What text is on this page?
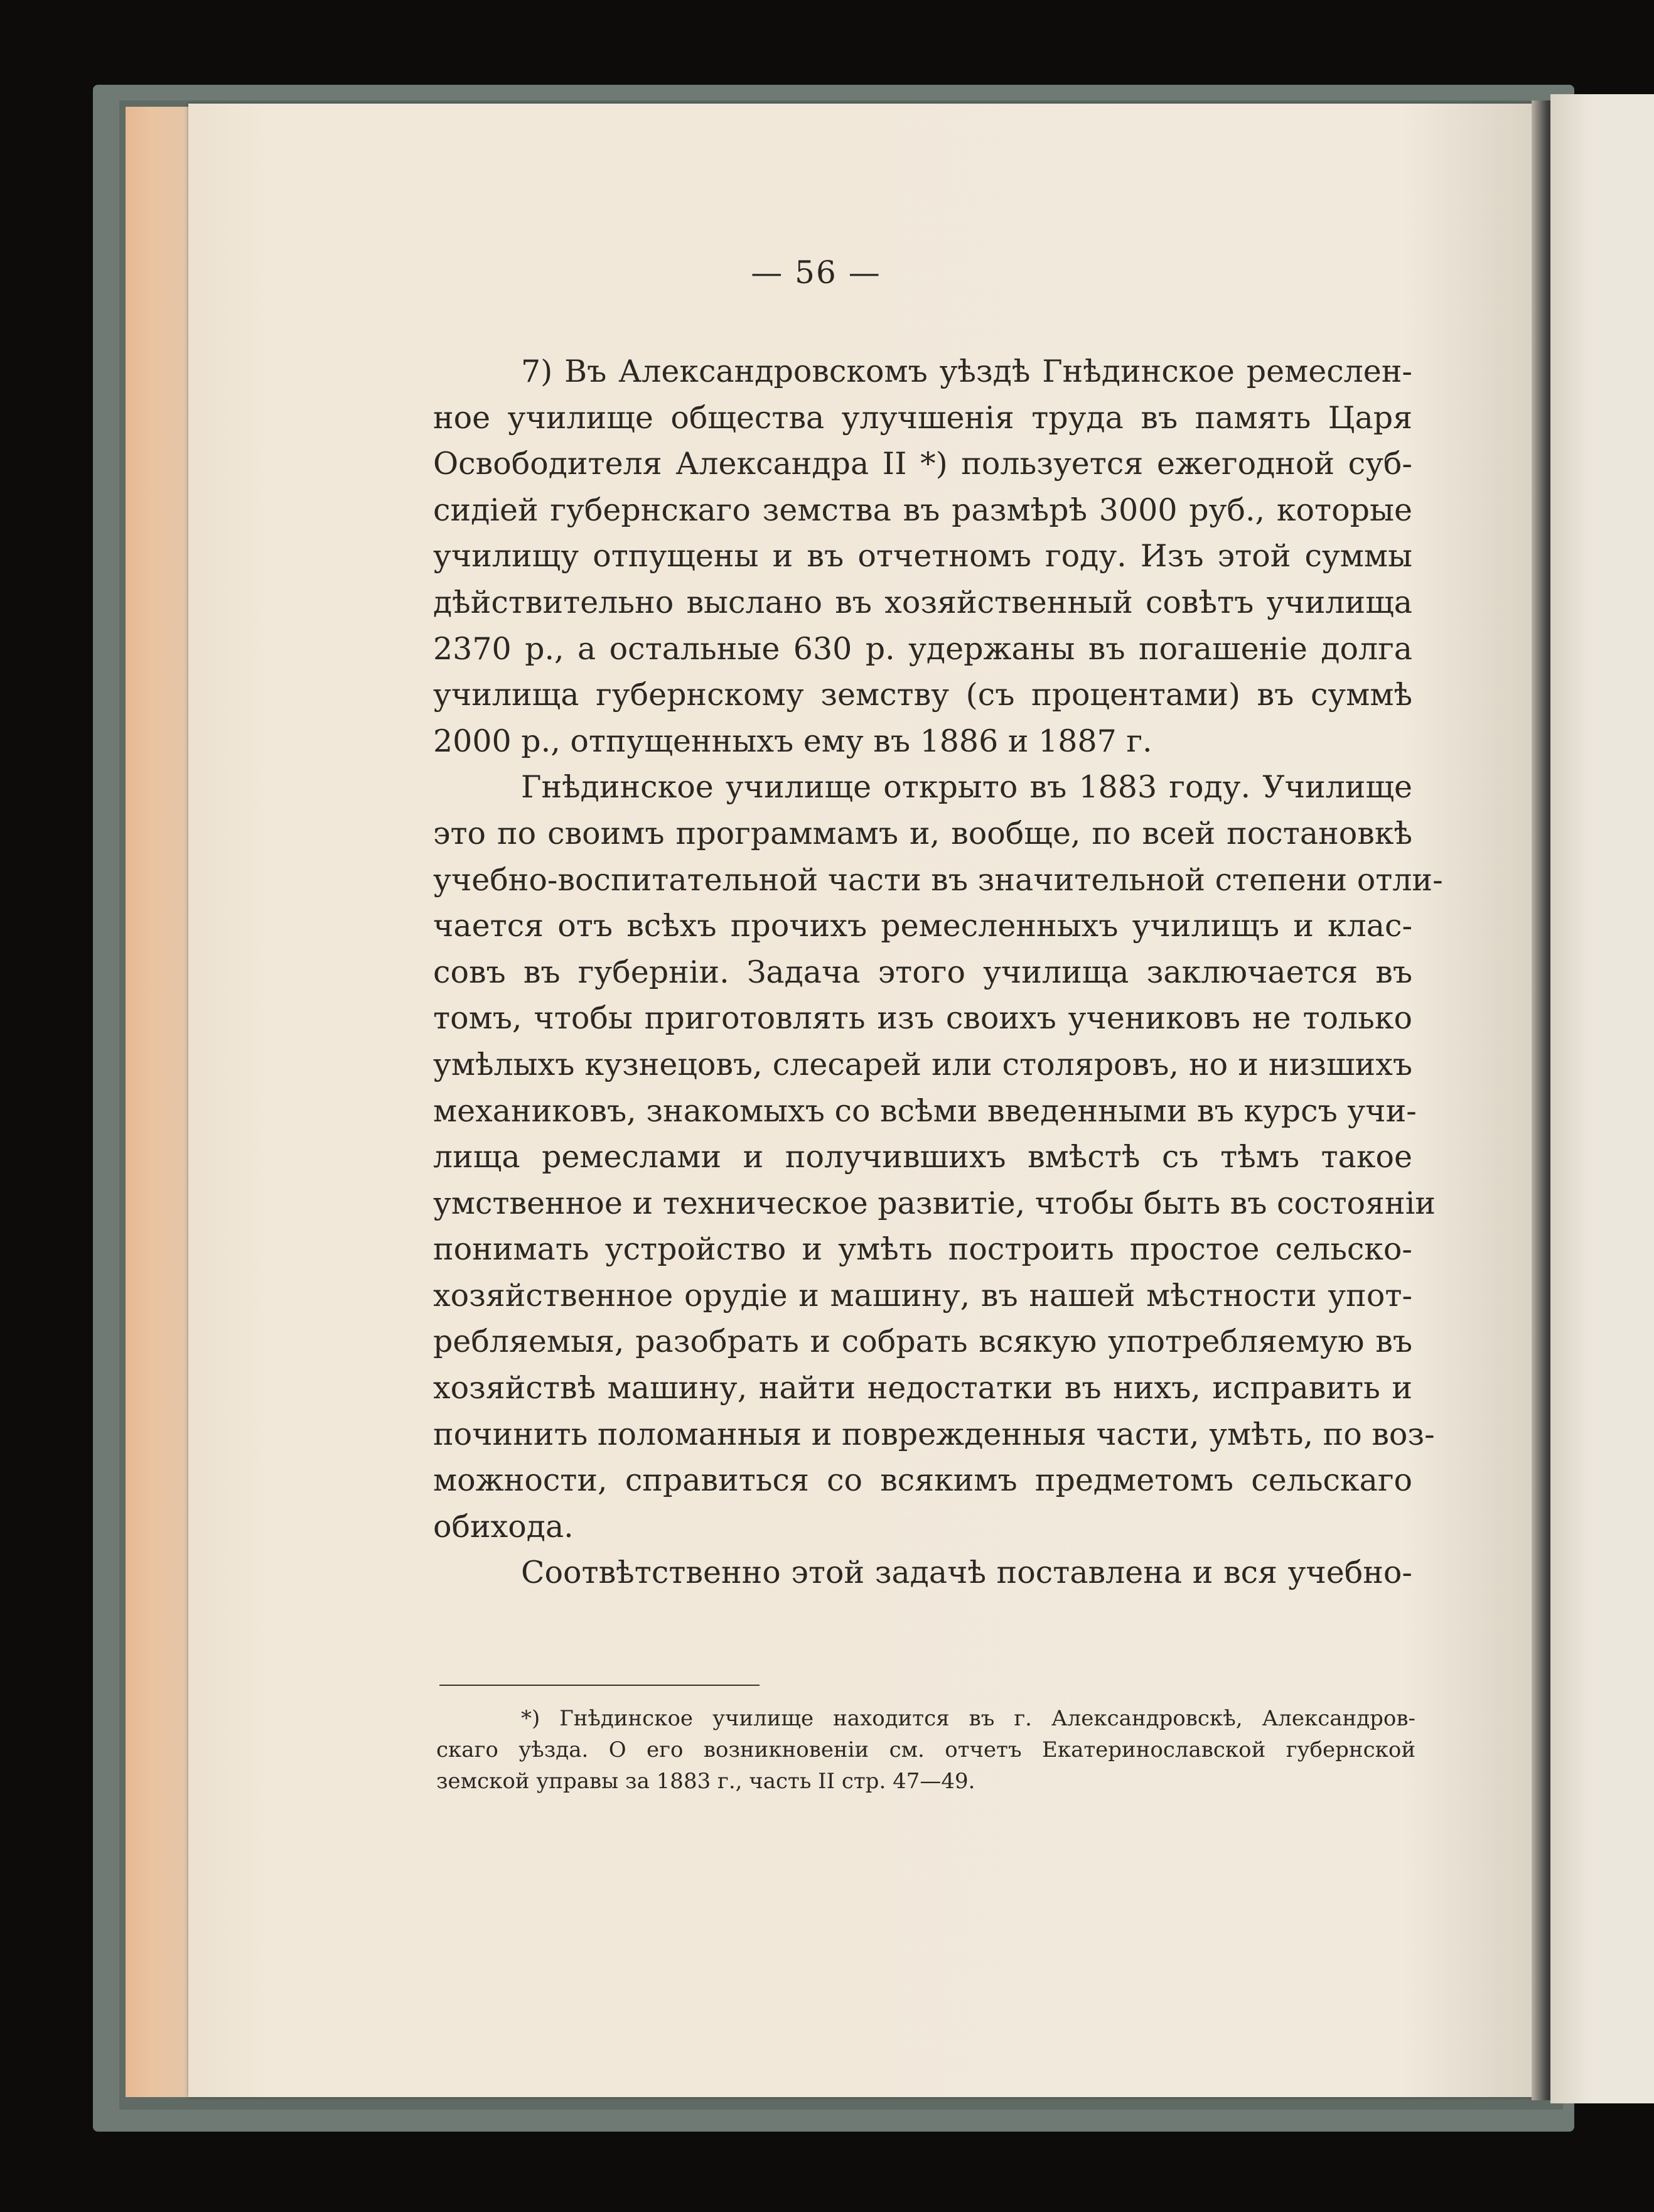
— 56 —
7) Въ Александровскомъ уѣздѣ Гнѣдинское ремеслен-
ное училище общества улучшенія труда въ память Царя
Освободителя Александра II *) пользуется ежегодной суб-
сидіей губернскаго земства въ размѣрѣ 3000 руб., которые
училищу отпущены и въ отчетномъ году. Изъ этой суммы
дѣйствительно выслано въ хозяйственный совѣтъ училища
2370 р., а остальные 630 р. удержаны въ погашеніе долга
училища губернскому земству (съ процентами) въ суммѣ
2000 р., отпущенныхъ ему въ 1886 и 1887 г.
Гнѣдинское училище открыто въ 1883 году. Училище
это по своимъ программамъ и, вообще, по всей постановкѣ
учебно-воспитательной части въ значительной степени отли-
чается отъ всѣхъ прочихъ ремесленныхъ училищъ и клас-
совъ въ губерніи. Задача этого училища заключается въ
томъ, чтобы приготовлять изъ своихъ учениковъ не только
умѣлыхъ кузнецовъ, слесарей или столяровъ, но и низшихъ
механиковъ, знакомыхъ со всѣми введенными въ курсъ учи-
лища ремеслами и получившихъ вмѣстѣ съ тѣмъ такое
умственное и техническое развитіе, чтобы быть въ состояніи
понимать устройство и умѣть построить простое сельско-
хозяйственное орудіе и машину, въ нашей мѣстности упот-
ребляемыя, разобрать и собрать всякую употребляемую въ
хозяйствѣ машину, найти недостатки въ нихъ, исправить и
починить поломанныя и поврежденныя части, умѣть, по воз-
можности, справиться со всякимъ предметомъ сельскаго
обихода.
Соотвѣтственно этой задачѣ поставлена и вся учебно-
*) Гнѣдинское училище находится въ г. Александровскѣ, Александров-
скаго уѣзда. О его возникновеніи см. отчетъ Екатеринославской губернской
земской управы за 1883 г., часть II стр. 47—49.
